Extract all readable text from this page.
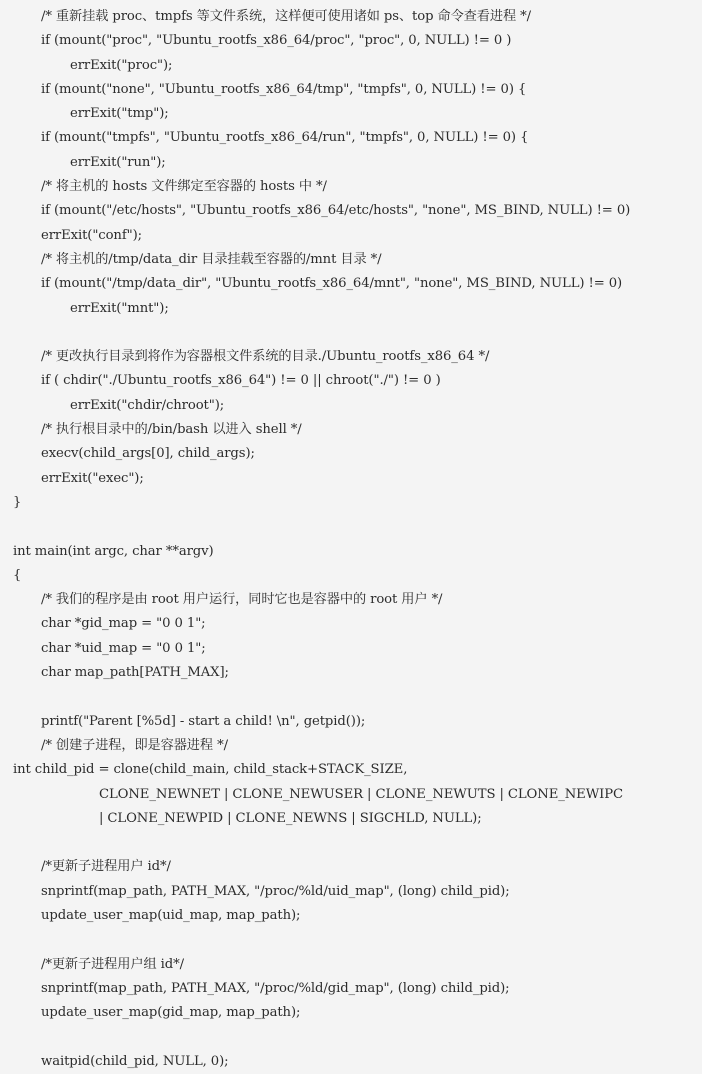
/* 重新挂载 proc、tmpfs 等文件系统，这样便可使用诸如 ps、top 命令查看进程 */
if (mount("proc", "Ubuntu_rootfs_x86_64/proc", "proc", 0, NULL) != 0 )
errExit("proc");
if (mount("none", "Ubuntu_rootfs_x86_64/tmp", "tmpfs", 0, NULL) != 0) {
errExit("tmp");
if (mount("tmpfs", "Ubuntu_rootfs_x86_64/run", "tmpfs", 0, NULL) != 0) {
errExit("run");
/* 将主机的 hosts 文件绑定至容器的 hosts 中 */
if (mount("/etc/hosts", "Ubuntu_rootfs_x86_64/etc/hosts", "none", MS_BIND, NULL) != 0)
errExit("conf");
/* 将主机的/tmp/data_dir 目录挂载至容器的/mnt 目录 */
if (mount("/tmp/data_dir", "Ubuntu_rootfs_x86_64/mnt", "none", MS_BIND, NULL) != 0)
errExit("mnt");
/* 更改执行目录到将作为容器根文件系统的目录./Ubuntu_rootfs_x86_64 */
if ( chdir("./Ubuntu_rootfs_x86_64") != 0 || chroot("./") != 0 )
errExit("chdir/chroot");
/* 执行根目录中的/bin/bash 以进入 shell */
execv(child_args[0], child_args);
errExit("exec");
}
int main(int argc, char **argv)
{
/* 我们的程序是由 root 用户运行，同时它也是容器中的 root 用户 */
char *gid_map = "0 0 1";
char *uid_map = "0 0 1";
char map_path[PATH_MAX];
printf("Parent [%5d] - start a child! \n", getpid());
/* 创建子进程，即是容器进程 */
int child_pid = clone(child_main, child_stack+STACK_SIZE,
CLONE_NEWNET | CLONE_NEWUSER | CLONE_NEWUTS | CLONE_NEWIPC
| CLONE_NEWPID | CLONE_NEWNS | SIGCHLD, NULL);
/*更新子进程用户 id*/
snprintf(map_path, PATH_MAX, "/proc/%ld/uid_map", (long) child_pid);
update_user_map(uid_map, map_path);
/*更新子进程用户组 id*/
snprintf(map_path, PATH_MAX, "/proc/%ld/gid_map", (long) child_pid);
update_user_map(gid_map, map_path);
waitpid(child_pid, NULL, 0);
